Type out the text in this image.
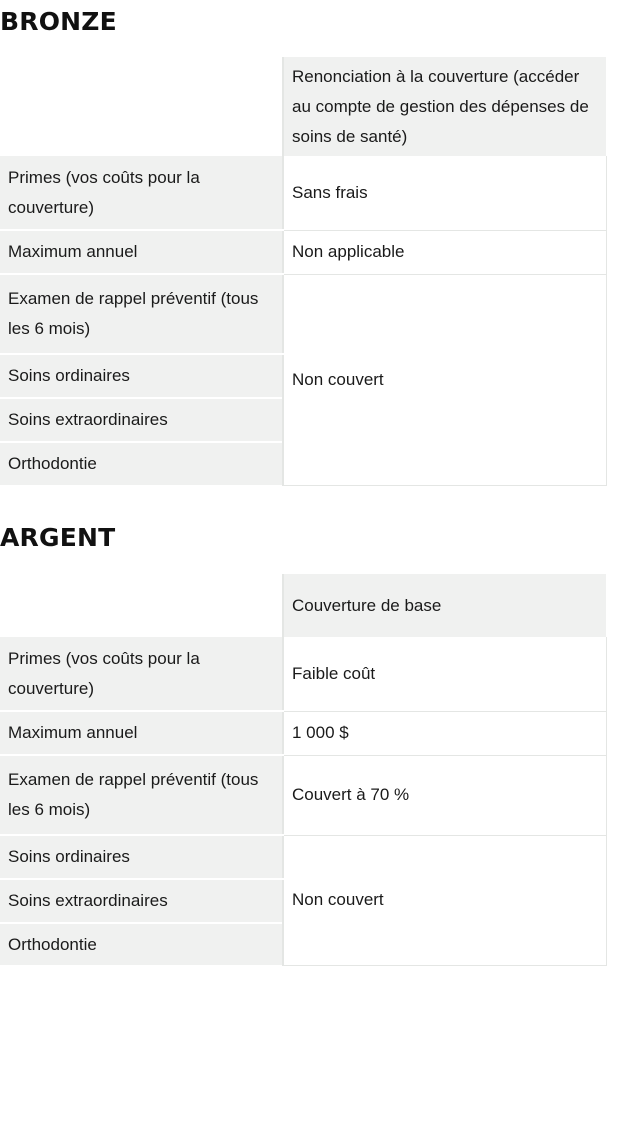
BRONZE
	Renonciation à la couverture (accéder au compte de gestion des dépenses de soins de santé)
Primes (vos coûts pour la couverture)	Sans frais
Maximum annuel	Non applicable
Examen de rappel préventif (tous les 6 mois)	Non couvert
Soins ordinaires	
Soins extraordinaires	
Orthodontie	
ARGENT
	Couverture de base
Primes (vos coûts pour la couverture)	Faible coût
Maximum annuel	1 000 $
Examen de rappel préventif (tous les 6 mois)	Couvert à 70 %
Soins ordinaires	Non couvert
Soins extraordinaires	
Orthodontie	
